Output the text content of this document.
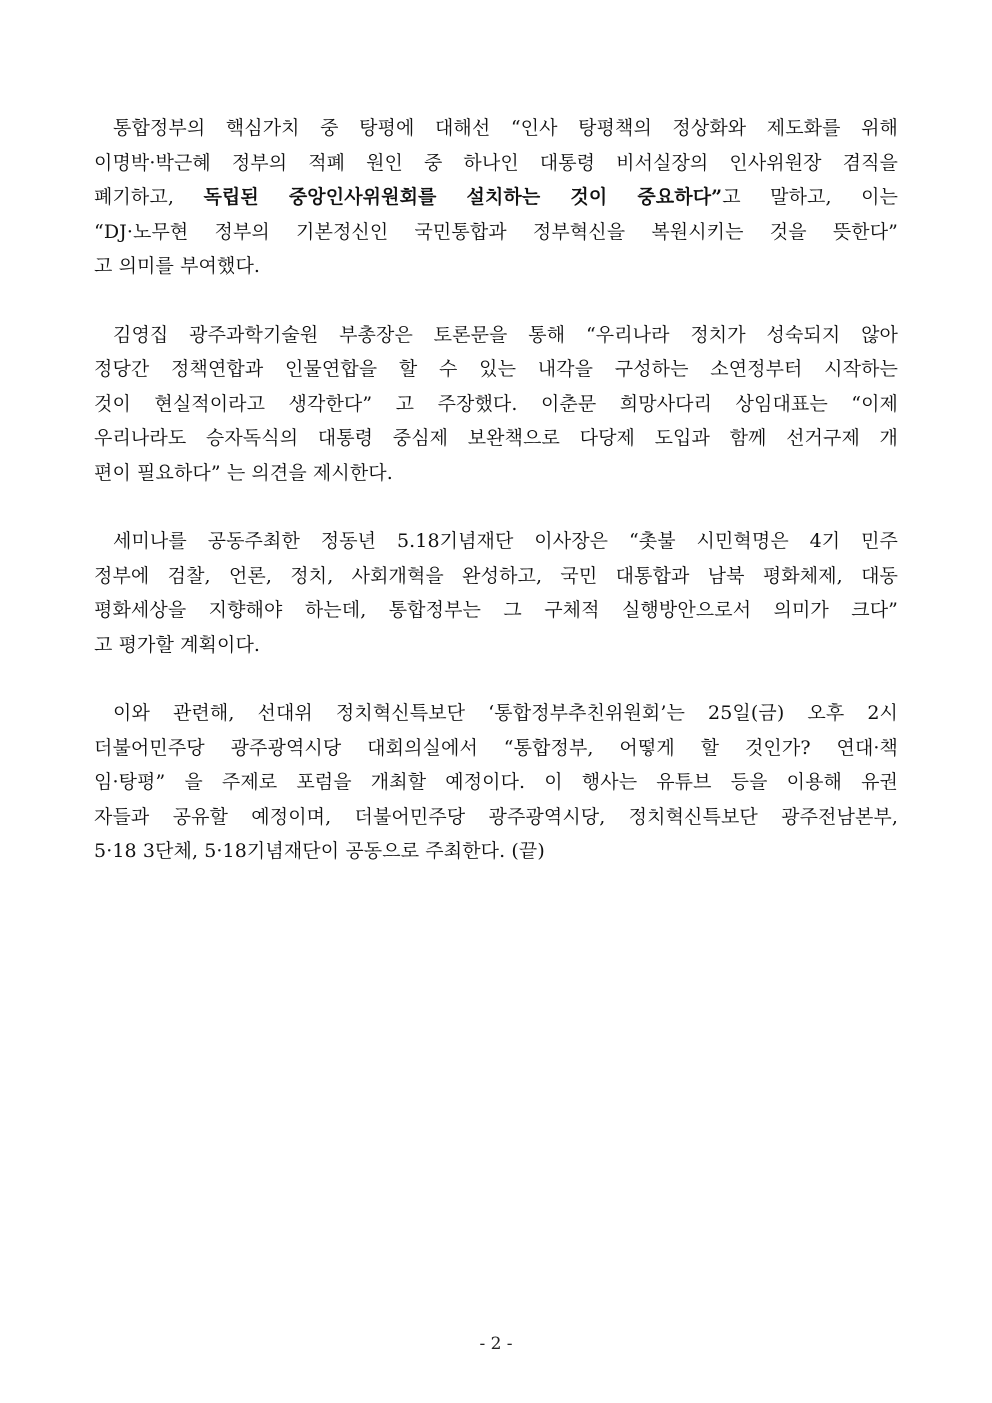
통합정부의 핵심가치 중 탕평에 대해선 “인사 탕평책의 정상화와 제도화를 위해
이명박·박근혜 정부의 적폐 원인 중 하나인 대통령 비서실장의 인사위원장 겸직을
폐기하고, 독립된 중앙인사위원회를 설치하는 것이 중요하다”고 말하고, 이는
“DJ·노무현 정부의 기본정신인 국민통합과 정부혁신을 복원시키는 것을 뜻한다”
고 의미를 부여했다.
김영집 광주과학기술원 부총장은 토론문을 통해 “우리나라 정치가 성숙되지 않아
정당간 정책연합과 인물연합을 할 수 있는 내각을 구성하는 소연정부터 시작하는
것이 현실적이라고 생각한다” 고 주장했다. 이춘문 희망사다리 상임대표는 “이제
우리나라도 승자독식의 대통령 중심제 보완책으로 다당제 도입과 함께 선거구제 개
편이 필요하다” 는 의견을 제시한다.
세미나를 공동주최한 정동년 5.18기념재단 이사장은 “촛불 시민혁명은 4기 민주
정부에 검찰, 언론, 정치, 사회개혁을 완성하고, 국민 대통합과 남북 평화체제, 대동
평화세상을 지향해야 하는데, 통합정부는 그 구체적 실행방안으로서 의미가 크다”
고 평가할 계획이다.
이와 관련해, 선대위 정치혁신특보단 ‘통합정부추친위원회’는 25일(금) 오후 2시
더불어민주당 광주광역시당 대회의실에서 “통합정부, 어떻게 할 것인가? 연대·책
임·탕평” 을 주제로 포럼을 개최할 예정이다. 이 행사는 유튜브 등을 이용해 유권
자들과 공유할 예정이며, 더불어민주당 광주광역시당, 정치혁신특보단 광주전남본부,
5·18 3단체, 5·18기념재단이 공동으로 주최한다. (끝)
- 2 -
